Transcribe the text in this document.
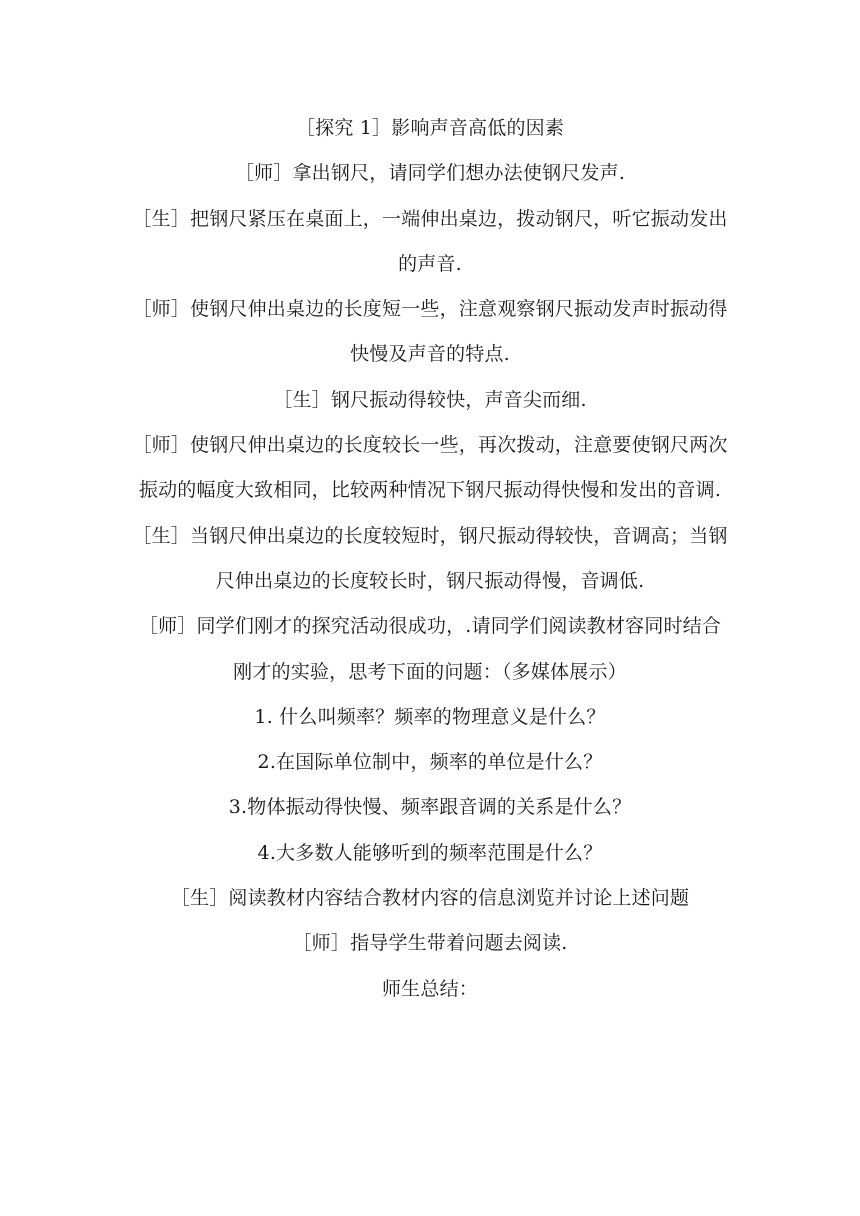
［探究 1］影响声音高低的因素

［师］拿出钢尺，请同学们想办法使钢尺发声.

［生］把钢尺紧压在桌面上，一端伸出桌边，拨动钢尺，听它振动发出的声音.

［师］使钢尺伸出桌边的长度短一些，注意观察钢尺振动发声时振动得快慢及声音的特点.

［生］钢尺振动得较快，声音尖而细.

［师］使钢尺伸出桌边的长度较长一些，再次拨动，注意要使钢尺两次振动的幅度大致相同，比较两种情况下钢尺振动得快慢和发出的音调.

［生］当钢尺伸出桌边的长度较短时，钢尺振动得较快，音调高；当钢尺伸出桌边的长度较长时，钢尺振动得慢，音调低.

［师］同学们刚才的探究活动很成功，.请同学们阅读教材容同时结合刚才的实验，思考下面的问题：（多媒体展示）

1. 什么叫频率？频率的物理意义是什么？

2.在国际单位制中，频率的单位是什么？

3.物体振动得快慢、频率跟音调的关系是什么？

4.大多数人能够听到的频率范围是什么？

［生］阅读教材内容结合教材内容的信息浏览并讨论上述问题

［师］指导学生带着问题去阅读.

师生总结：
